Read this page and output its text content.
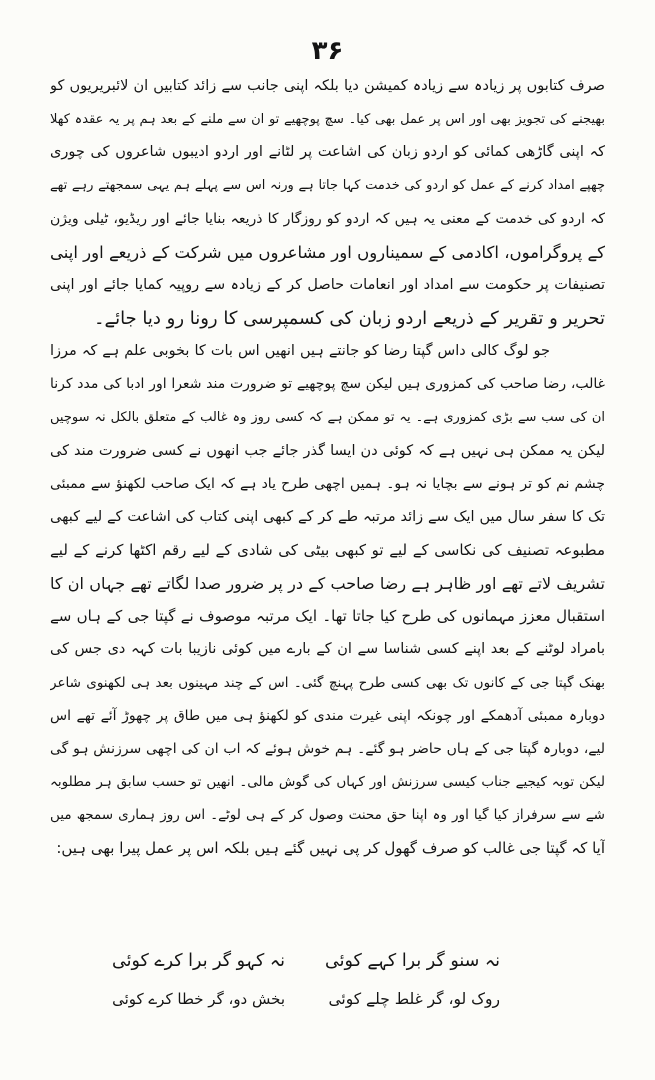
۳۶
صرف کتابوں پر زیادہ سے زیادہ کمیشن دیا بلکہ اپنی جانب سے زائد کتابیں ان لائبریریوں کو
بھیجنے کی تجویز بھی اور اس پر عمل بھی کیا۔ سچ پوچھیے تو ان سے ملنے کے بعد ہم پر یہ عقدہ کھلا
کہ اپنی گاڑھی کمائی کو اردو زبان کی اشاعت پر لٹانے اور اردو ادیبوں شاعروں کی چوری
چھپے امداد کرنے کے عمل کو اردو کی خدمت کہا جاتا ہے ورنہ اس سے پہلے ہم یہی سمجھتے رہے تھے
کہ اردو کی خدمت کے معنی یہ ہیں کہ اردو کو روزگار کا ذریعہ بنایا جائے اور ریڈیو، ٹیلی ویژن
کے پروگراموں، اکادمی کے سمیناروں اور مشاعروں میں شرکت کے ذریعے اور اپنی
تصنیفات پر حکومت سے امداد اور انعامات حاصل کر کے زیادہ سے روپیہ کمایا جائے اور اپنی
تحریر و تقریر کے ذریعے اردو زبان کی کسمپرسی کا رونا رو دیا جائے۔
جو لوگ کالی داس گپتا رضا کو جانتے ہیں انھیں اس بات کا بخوبی علم ہے کہ مرزا
غالب، رضا صاحب کی کمزوری ہیں لیکن سچ پوچھیے تو ضرورت مند شعرا اور ادبا کی مدد کرنا
ان کی سب سے بڑی کمزوری ہے۔ یہ تو ممکن ہے کہ کسی روز وہ غالب کے متعلق بالکل نہ سوچیں
لیکن یہ ممکن ہی نہیں ہے کہ کوئی دن ایسا گذر جائے جب انھوں نے کسی ضرورت مند کی
چشم نم کو تر ہونے سے بچایا نہ ہو۔ ہمیں اچھی طرح یاد ہے کہ ایک صاحب لکھنؤ سے ممبئی
تک کا سفر سال میں ایک سے زائد مرتبہ طے کر کے کبھی اپنی کتاب کی اشاعت کے لیے کبھی
مطبوعہ تصنیف کی نکاسی کے لیے تو کبھی بیٹی کی شادی کے لیے رقم اکٹھا کرنے کے لیے
تشریف لاتے تھے اور ظاہر ہے رضا صاحب کے در پر ضرور صدا لگاتے تھے جہاں ان کا
استقبال معزز مہمانوں کی طرح کیا جاتا تھا۔ ایک مرتبہ موصوف نے گپتا جی کے ہاں سے
بامراد لوٹنے کے بعد اپنے کسی شناسا سے ان کے بارے میں کوئی نازیبا بات کہہ دی جس کی
بھنک گپتا جی کے کانوں تک بھی کسی طرح پہنچ گئی۔ اس کے چند مہینوں بعد ہی لکھنوی شاعر
دوبارہ ممبئی آدھمکے اور چونکہ اپنی غیرت مندی کو لکھنؤ ہی میں طاق پر چھوڑ آئے تھے اس
لیے، دوبارہ گپتا جی کے ہاں حاضر ہو گئے۔ ہم خوش ہوئے کہ اب ان کی اچھی سرزنش ہو گی
لیکن توبہ کیجیے جناب کیسی سرزنش اور کہاں کی گوش مالی۔ انھیں تو حسب سابق ہر مطلوبہ
شے سے سرفراز کیا گیا اور وہ اپنا حق محنت وصول کر کے ہی لوٹے۔ اس روز ہماری سمجھ میں
آیا کہ گپتا جی غالب کو صرف گھول کر پی نہیں گئے ہیں بلکہ اس پر عمل پیرا بھی ہیں:
نہ سنو گر برا کہے کوئی
نہ کہو گر برا کرے کوئی
روک لو، گر غلط چلے کوئی
بخش دو، گر خطا کرے کوئی
